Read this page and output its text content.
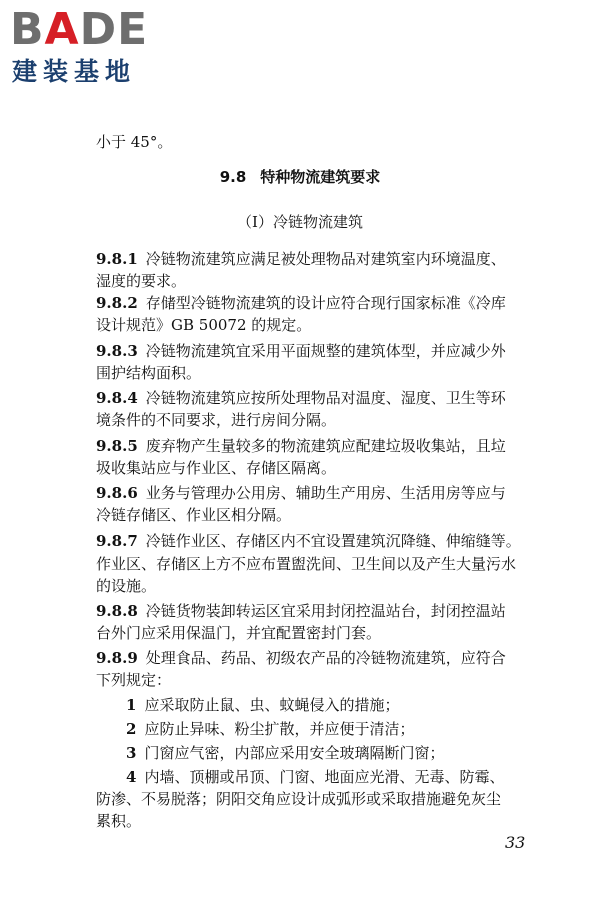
BADE
建装基地
小于 45°。
9.8 特种物流建筑要求
（Ⅰ）冷链物流建筑
9.8.1 冷链物流建筑应满足被处理物品对建筑室内环境温度、
湿度的要求。
9.8.2 存储型冷链物流建筑的设计应符合现行国家标准《冷库
设计规范》GB 50072 的规定。
9.8.3 冷链物流建筑宜采用平面规整的建筑体型，并应减少外
围护结构面积。
9.8.4 冷链物流建筑应按所处理物品对温度、湿度、卫生等环
境条件的不同要求，进行房间分隔。
9.8.5 废弃物产生量较多的物流建筑应配建垃圾收集站，且垃
圾收集站应与作业区、存储区隔离。
9.8.6 业务与管理办公用房、辅助生产用房、生活用房等应与
冷链存储区、作业区相分隔。
9.8.7 冷链作业区、存储区内不宜设置建筑沉降缝、伸缩缝等。
作业区、存储区上方不应布置盥洗间、卫生间以及产生大量污水
的设施。
9.8.8 冷链货物装卸转运区宜采用封闭控温站台，封闭控温站
台外门应采用保温门，并宜配置密封门套。
9.8.9 处理食品、药品、初级农产品的冷链物流建筑，应符合
下列规定：
1 应采取防止鼠、虫、蚊蝇侵入的措施；
2 应防止异味、粉尘扩散，并应便于清洁；
3 门窗应气密，内部应采用安全玻璃隔断门窗；
4 内墙、顶棚或吊顶、门窗、地面应光滑、无毒、防霉、
防渗、不易脱落；阴阳交角应设计成弧形或采取措施避免灰尘
累积。
33
